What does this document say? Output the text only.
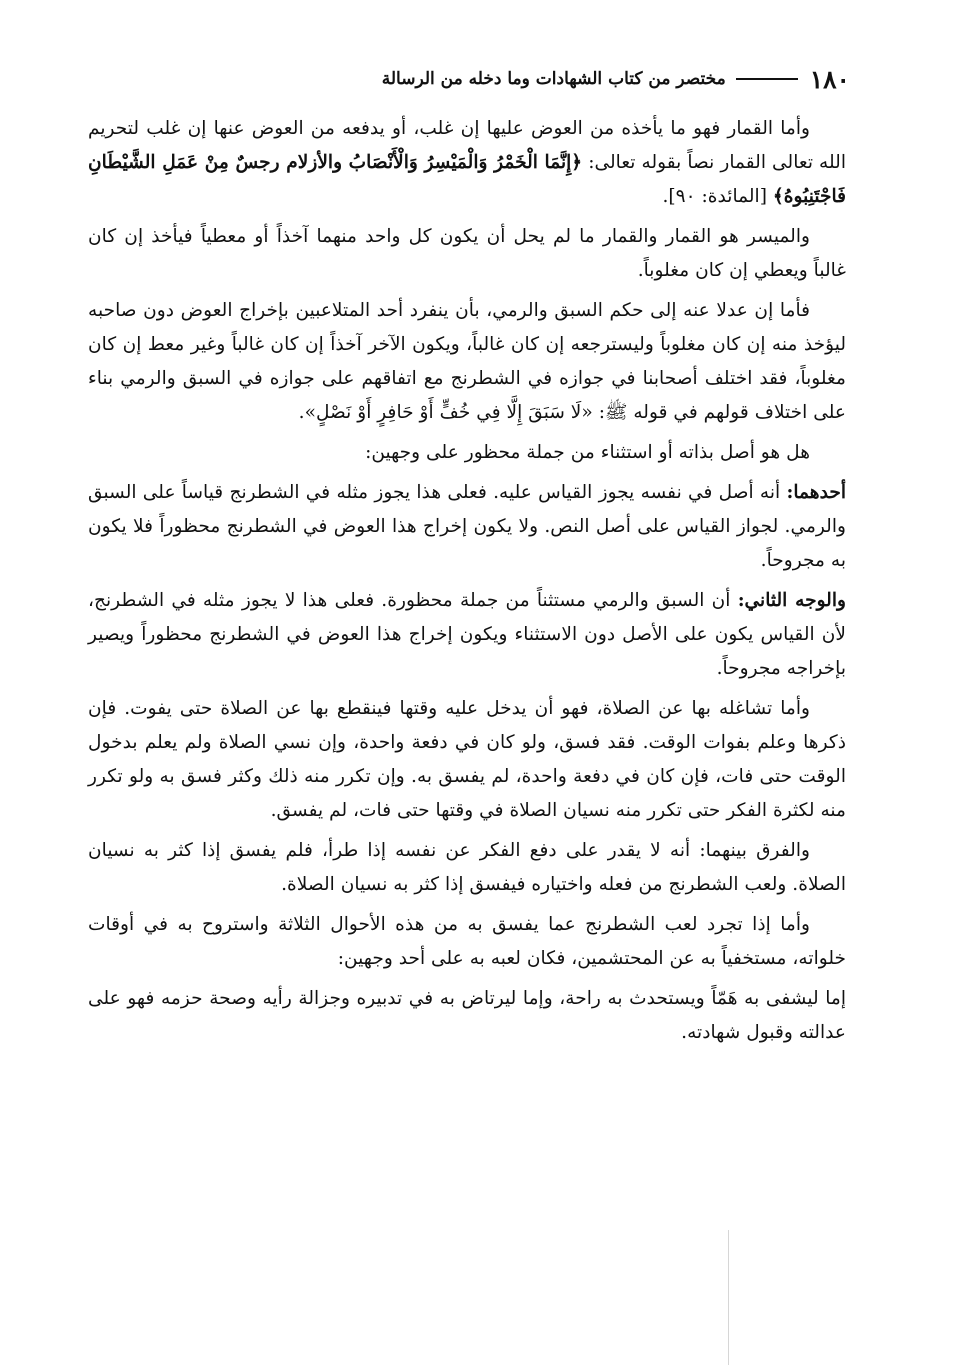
١٨٠
مختصر من كتاب الشهادات وما دخله من الرسالة

وأما القمار فهو ما يأخذه من العوض عليها إن غلب، أو يدفعه من العوض عنها إن غلب لتحريم الله تعالى القمار نصاً بقوله تعالى: ﴿إِنَّمَا الْخَمْرُ وَالْمَيْسِرُ وَالْأَنْصَابُ والأزلام رجسٌ مِنْ عَمَلِ الشَّيْطَانِ فَاجْتَنِبُوهُ﴾ [المائدة: ٩٠].

والميسر هو القمار والقمار ما لم يحل أن يكون كل واحد منهما آخذاً أو معطياً فيأخذ إن كان غالباً ويعطي إن كان مغلوباً.

فأما إن عدلا عنه إلى حكم السبق والرمي، بأن ينفرد أحد المتلاعبين بإخراج العوض دون صاحبه ليؤخذ منه إن كان مغلوباً وليسترجعه إن كان غالباً، ويكون الآخر آخذاً إن كان غالباً وغير معط إن كان مغلوباً، فقد اختلف أصحابنا في جوازه في الشطرنج مع اتفاقهم على جوازه في السبق والرمي بناء على اختلاف قولهم في قوله ﷺ: «لَا سَبَقَ إِلَّا فِي خُفٍّ أَوْ حَافِرٍ أَوْ نَصْلٍ».

هل هو أصل بذاته أو استثناء من جملة محظور على وجهين:

أحدهما: أنه أصل في نفسه يجوز القياس عليه. فعلى هذا يجوز مثله في الشطرنج قياساً على السبق والرمي. لجواز القياس على أصل النص. ولا يكون إخراج هذا العوض في الشطرنج محظوراً فلا يكون به مجروحاً.

والوجه الثاني: أن السبق والرمي مستثناً من جملة محظورة. فعلى هذا لا يجوز مثله في الشطرنج، لأن القياس يكون على الأصل دون الاستثناء ويكون إخراج هذا العوض في الشطرنج محظوراً ويصير بإخراجه مجروحاً.

وأما تشاغله بها عن الصلاة، فهو أن يدخل عليه وقتها فينقطع بها عن الصلاة حتى يفوت. فإن ذكرها وعلم بفوات الوقت. فقد فسق، ولو كان في دفعة واحدة، وإن نسي الصلاة ولم يعلم بدخول الوقت حتى فات، فإن كان في دفعة واحدة، لم يفسق به. وإن تكرر منه ذلك وكثر فسق به ولو تكرر منه لكثرة الفكر حتى تكرر منه نسيان الصلاة في وقتها حتى فات، لم يفسق.

والفرق بينهما: أنه لا يقدر على دفع الفكر عن نفسه إذا طرأ، فلم يفسق إذا كثر به نسيان الصلاة. ولعب الشطرنج من فعله واختياره فيفسق إذا كثر به نسيان الصلاة.

وأما إذا تجرد لعب الشطرنج عما يفسق به من هذه الأحوال الثلاثة واستروح به في أوقات خلواته، مستخفياً به عن المحتشمين، فكان لعبه به على أحد وجهين:

إما ليشفى به هَمّاً ويستحدث به راحة، وإما ليرتاض به في تدبيره وجزالة رأيه وصحة حزمه فهو على عدالته وقبول شهادته.
